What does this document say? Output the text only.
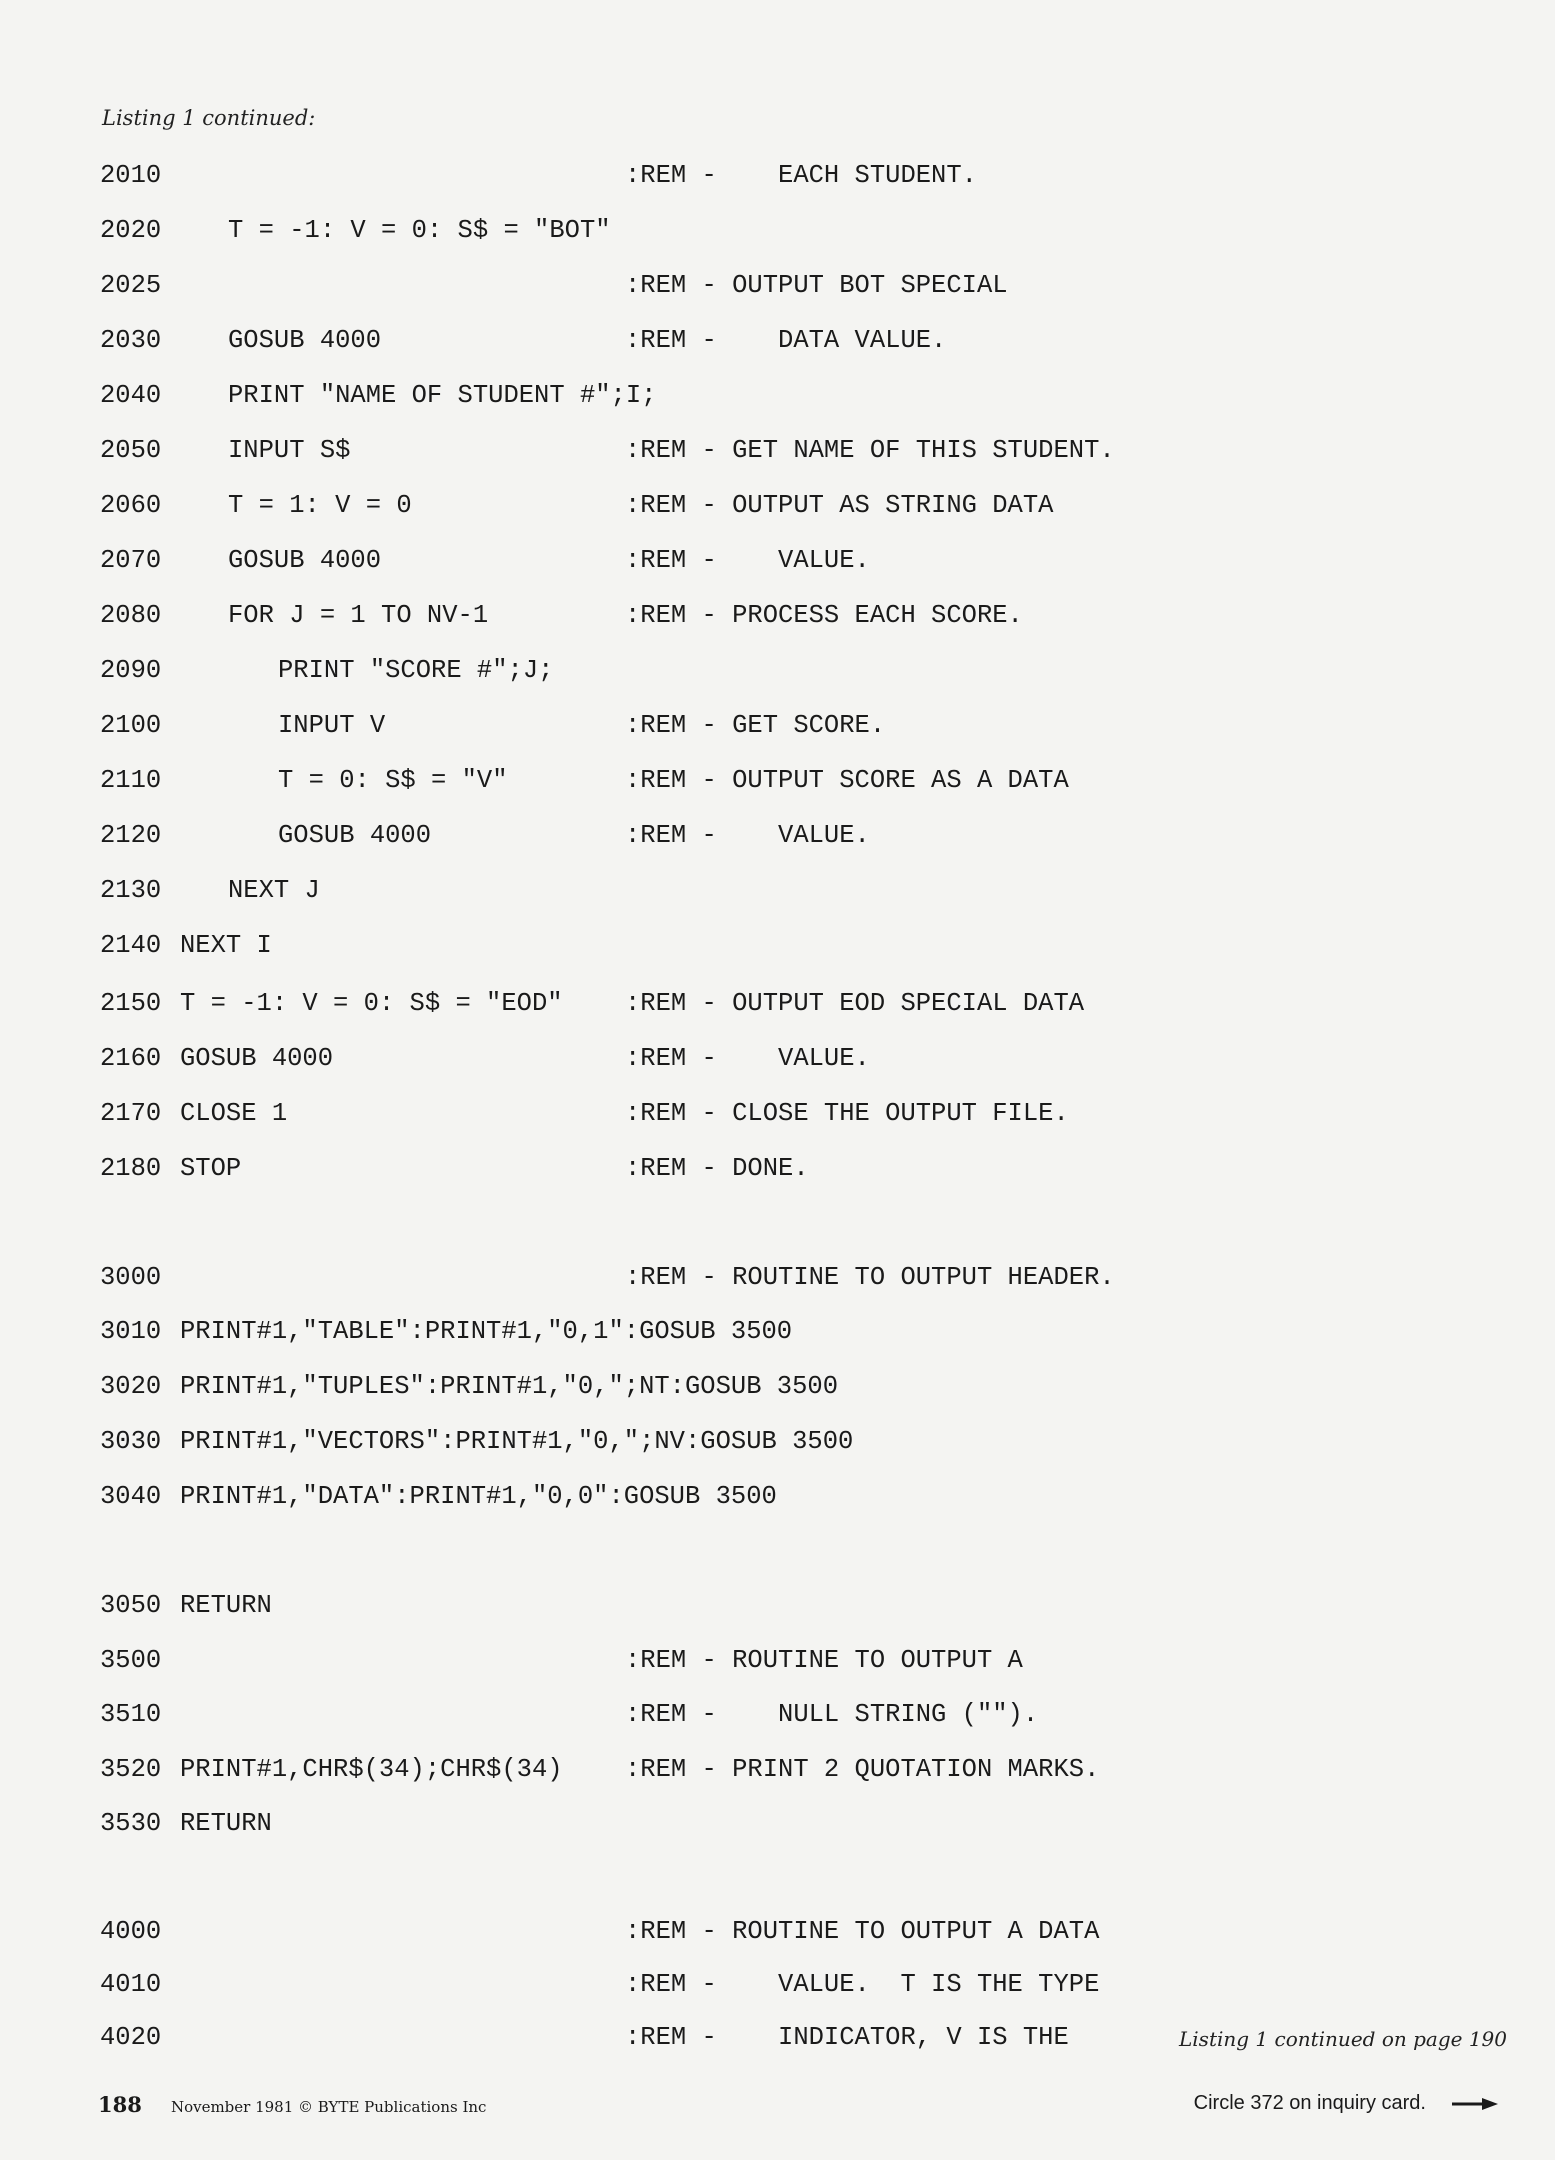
Listing 1 continued:
2010	:REM -    EACH STUDENT.
2020	T = -1: V = 0: S$ = "BOT"
2025	:REM - OUTPUT BOT SPECIAL
2030	GOSUB 4000	:REM -    DATA VALUE.
2040	PRINT "NAME OF STUDENT #";I;
2050	INPUT S$	:REM - GET NAME OF THIS STUDENT.
2060	T = 1: V = 0	:REM - OUTPUT AS STRING DATA
2070	GOSUB 4000	:REM -    VALUE.
2080	FOR J = 1 TO NV-1	:REM - PROCESS EACH SCORE.
2090	PRINT "SCORE #";J;
2100	INPUT V	:REM - GET SCORE.
2110	T = 0: S$ = "V"	:REM - OUTPUT SCORE AS A DATA
2120	GOSUB 4000	:REM -    VALUE.
2130	NEXT J
2140 NEXT I
2150 T = -1: V = 0: S$ = "EOD" :REM - OUTPUT EOD SPECIAL DATA
2160 GOSUB 4000	:REM -    VALUE.
2170 CLOSE 1	:REM - CLOSE THE OUTPUT FILE.
2180 STOP	:REM - DONE.
3000	:REM - ROUTINE TO OUTPUT HEADER.
3010 PRINT#1,"TABLE":PRINT#1,"0,1":GOSUB 3500
3020 PRINT#1,"TUPLES":PRINT#1,"0,";NT:GOSUB 3500
3030 PRINT#1,"VECTORS":PRINT#1,"0,";NV:GOSUB 3500
3040 PRINT#1,"DATA":PRINT#1,"0,0":GOSUB 3500
3050 RETURN
3500	:REM - ROUTINE TO OUTPUT A
3510	:REM -    NULL STRING ("").
3520 PRINT#1,CHR$(34);CHR$(34) :REM - PRINT 2 QUOTATION MARKS.
3530 RETURN
4000	:REM - ROUTINE TO OUTPUT A DATA
4010	:REM -    VALUE.  T IS THE TYPE
4020	:REM -    INDICATOR, V IS THE	Listing 1 continued on page 190
188 November 1981 © BYTE Publications Inc	Circle 372 on inquiry card.
